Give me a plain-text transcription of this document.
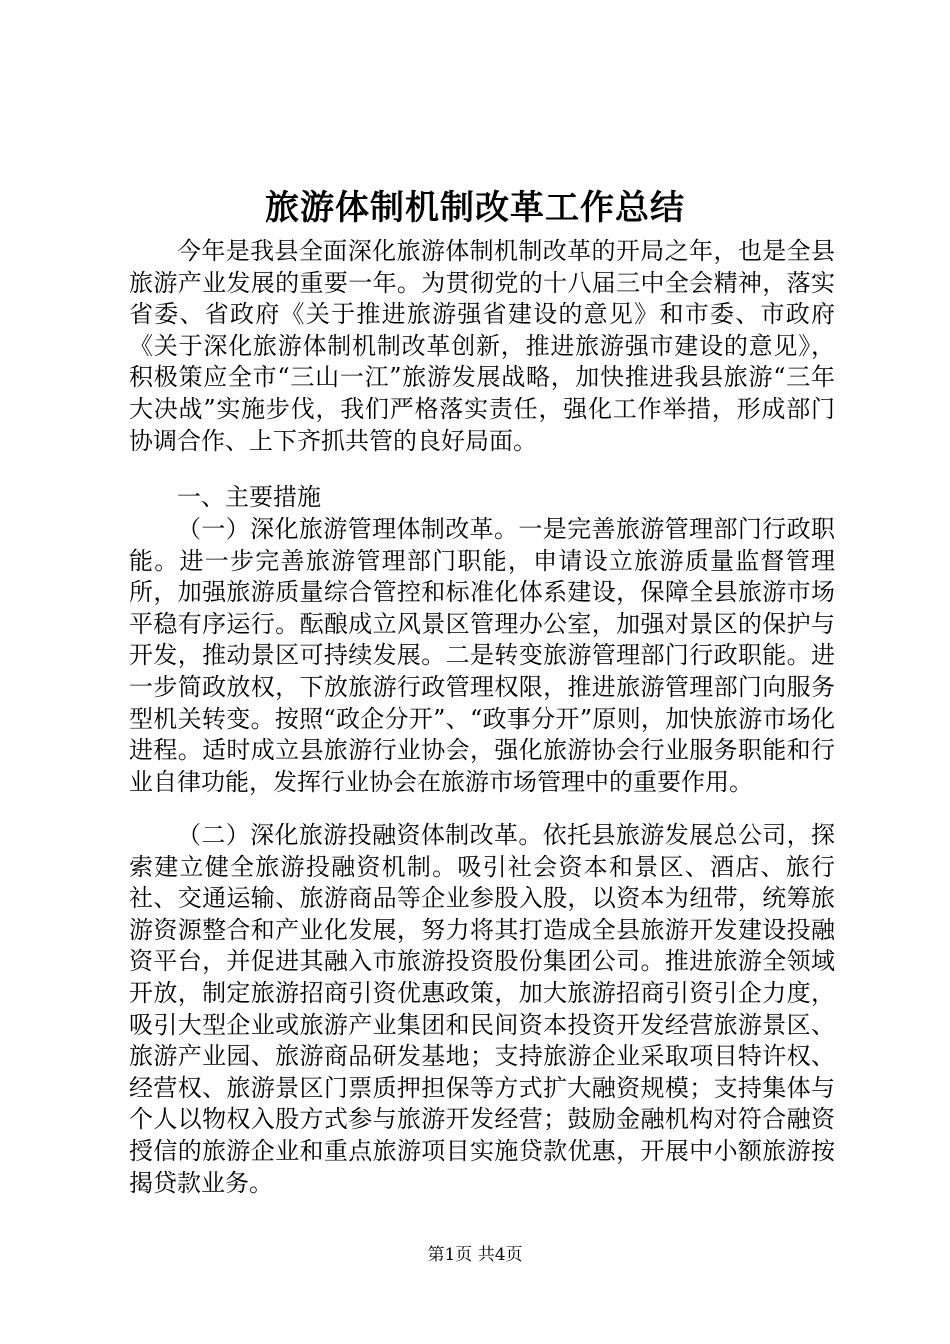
旅游体制机制改革工作总结

今年是我县全面深化旅游体制机制改革的开局之年，也是全县旅游产业发展的重要一年。为贯彻党的十八届三中全会精神，落实省委、省政府《关于推进旅游强省建设的意见》和市委、市政府《关于深化旅游体制机制改革创新，推进旅游强市建设的意见》，积极策应全市“三山一江”旅游发展战略，加快推进我县旅游“三年大决战”实施步伐，我们严格落实责任，强化工作举措，形成部门协调合作、上下齐抓共管的良好局面。

一、主要措施

（一）深化旅游管理体制改革。一是完善旅游管理部门行政职能。进一步完善旅游管理部门职能，申请设立旅游质量监督管理所，加强旅游质量综合管控和标准化体系建设，保障全县旅游市场平稳有序运行。酝酿成立风景区管理办公室，加强对景区的保护与开发，推动景区可持续发展。二是转变旅游管理部门行政职能。进一步简政放权，下放旅游行政管理权限，推进旅游管理部门向服务型机关转变。按照“政企分开”、“政事分开”原则，加快旅游市场化进程。适时成立县旅游行业协会，强化旅游协会行业服务职能和行业自律功能，发挥行业协会在旅游市场管理中的重要作用。

（二）深化旅游投融资体制改革。依托县旅游发展总公司，探索建立健全旅游投融资机制。吸引社会资本和景区、酒店、旅行社、交通运输、旅游商品等企业参股入股，以资本为纽带，统筹旅游资源整合和产业化发展，努力将其打造成全县旅游开发建设投融资平台，并促进其融入市旅游投资股份集团公司。推进旅游全领域开放，制定旅游招商引资优惠政策，加大旅游招商引资引企力度，吸引大型企业或旅游产业集团和民间资本投资开发经营旅游景区、旅游产业园、旅游商品研发基地；支持旅游企业采取项目特许权、经营权、旅游景区门票质押担保等方式扩大融资规模；支持集体与个人以物权入股方式参与旅游开发经营；鼓励金融机构对符合融资授信的旅游企业和重点旅游项目实施贷款优惠，开展中小额旅游按揭贷款业务。

第1页 共4页
